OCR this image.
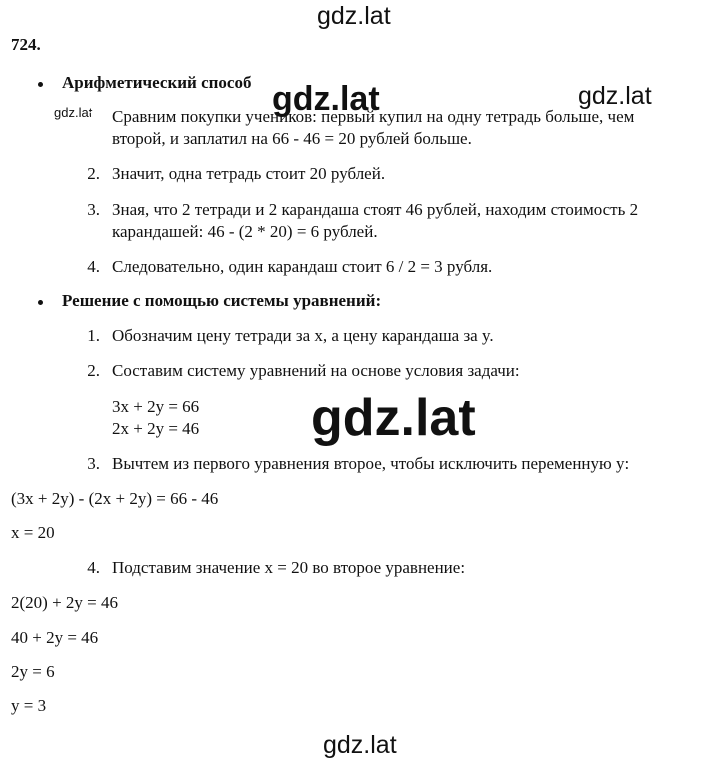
gdz.lat
gdz.lat	gdz.lat	gdz.lat
gdz.lat
gdz.lat
724.
Арифметический способ
1. Сравним покупки учеников: первый купил на одну тетрадь больше, чем
второй, и заплатил на 66 - 46 = 20 рублей больше.
2. Значит, одна тетрадь стоит 20 рублей.
3. Зная, что 2 тетради и 2 карандаша стоят 46 рублей, находим стоимость 2
карандашей: 46 - (2 * 20) = 6 рублей.
4. Следовательно, один карандаш стоит 6 / 2 = 3 рубля.
Решение с помощью системы уравнений:
1. Обозначим цену тетради за x, а цену карандаша за y.
2. Составим систему уравнений на основе условия задачи:
3x + 2y = 66
2x + 2y = 46
3. Вычтем из первого уравнения второе, чтобы исключить переменную y:
(3x + 2y) - (2x + 2y) = 66 - 46
x = 20
4. Подставим значение x = 20 во второе уравнение:
2(20) + 2y = 46
40 + 2y = 46
2y = 6
y = 3
